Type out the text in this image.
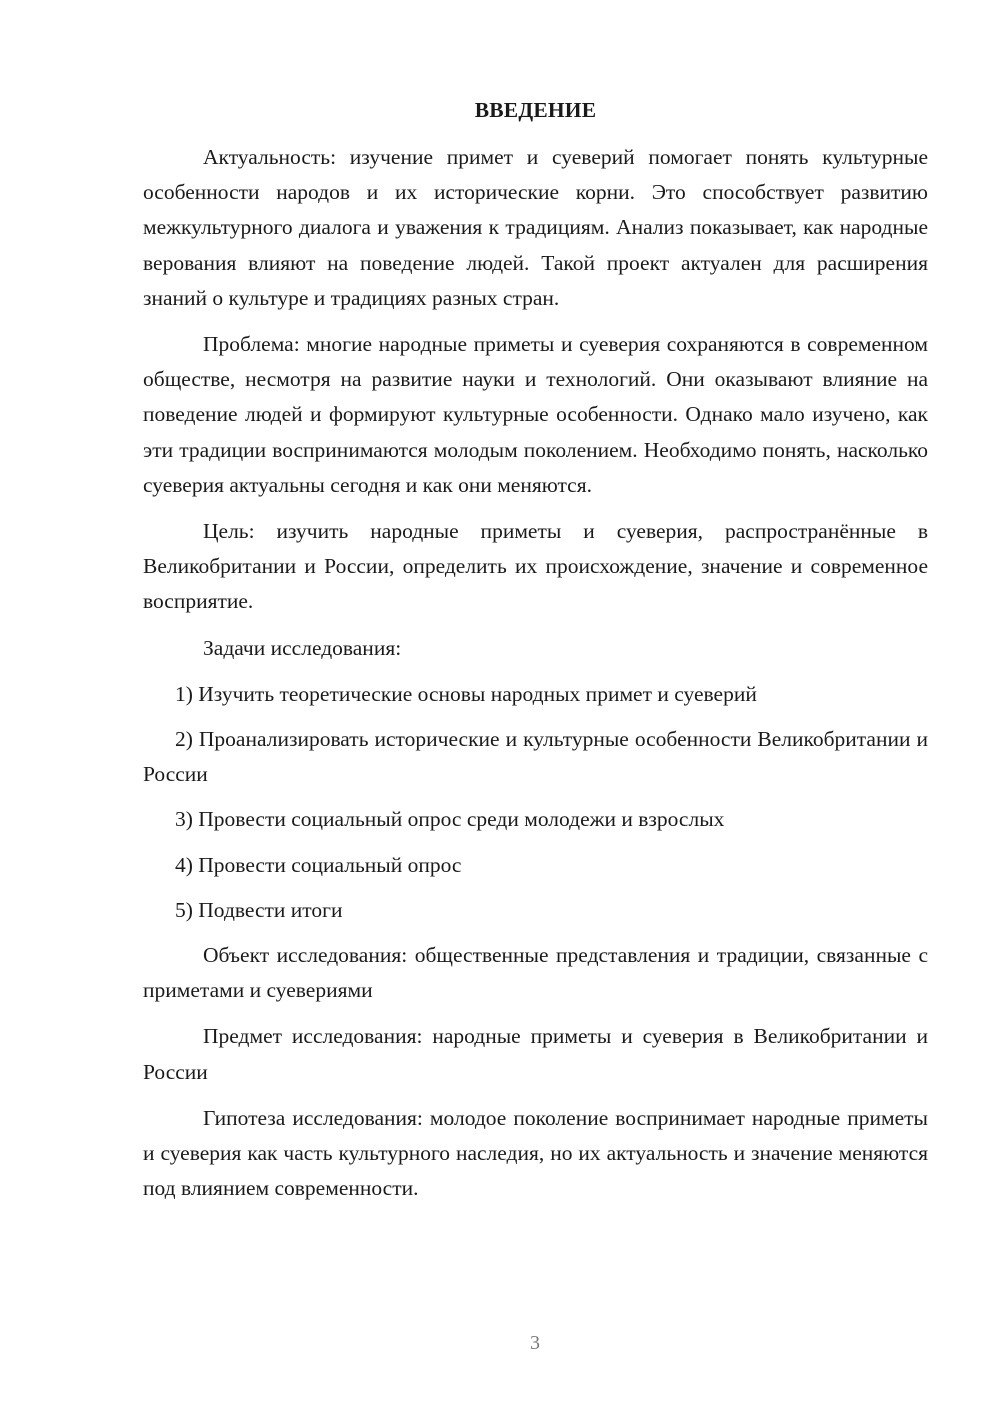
ВВЕДЕНИЕ

Актуальность: изучение примет и суеверий помогает понять культурные особенности народов и их исторические корни. Это способствует развитию межкультурного диалога и уважения к традициям. Анализ показывает, как народные верования влияют на поведение людей. Такой проект актуален для расширения знаний о культуре и традициях разных стран.

Проблема: многие народные приметы и суеверия сохраняются в современном обществе, несмотря на развитие науки и технологий. Они оказывают влияние на поведение людей и формируют культурные особенности. Однако мало изучено, как эти традиции воспринимаются молодым поколением. Необходимо понять, насколько суеверия актуальны сегодня и как они меняются.

Цель: изучить народные приметы и суеверия, распространённые в Великобритании и России, определить их происхождение, значение и современное восприятие.

Задачи исследования:

1) Изучить теоретические основы народных примет и суеверий

2) Проанализировать исторические и культурные особенности Великобритании и России

3) Провести социальный опрос среди молодежи и взрослых

4) Провести социальный опрос

5) Подвести итоги

Объект исследования: общественные представления и традиции, связанные с приметами и суевериями

Предмет исследования: народные приметы и суеверия в Великобритании и России

Гипотеза исследования: молодое поколение воспринимает народные приметы и суеверия как часть культурного наследия, но их актуальность и значение меняются под влиянием современности.

3
